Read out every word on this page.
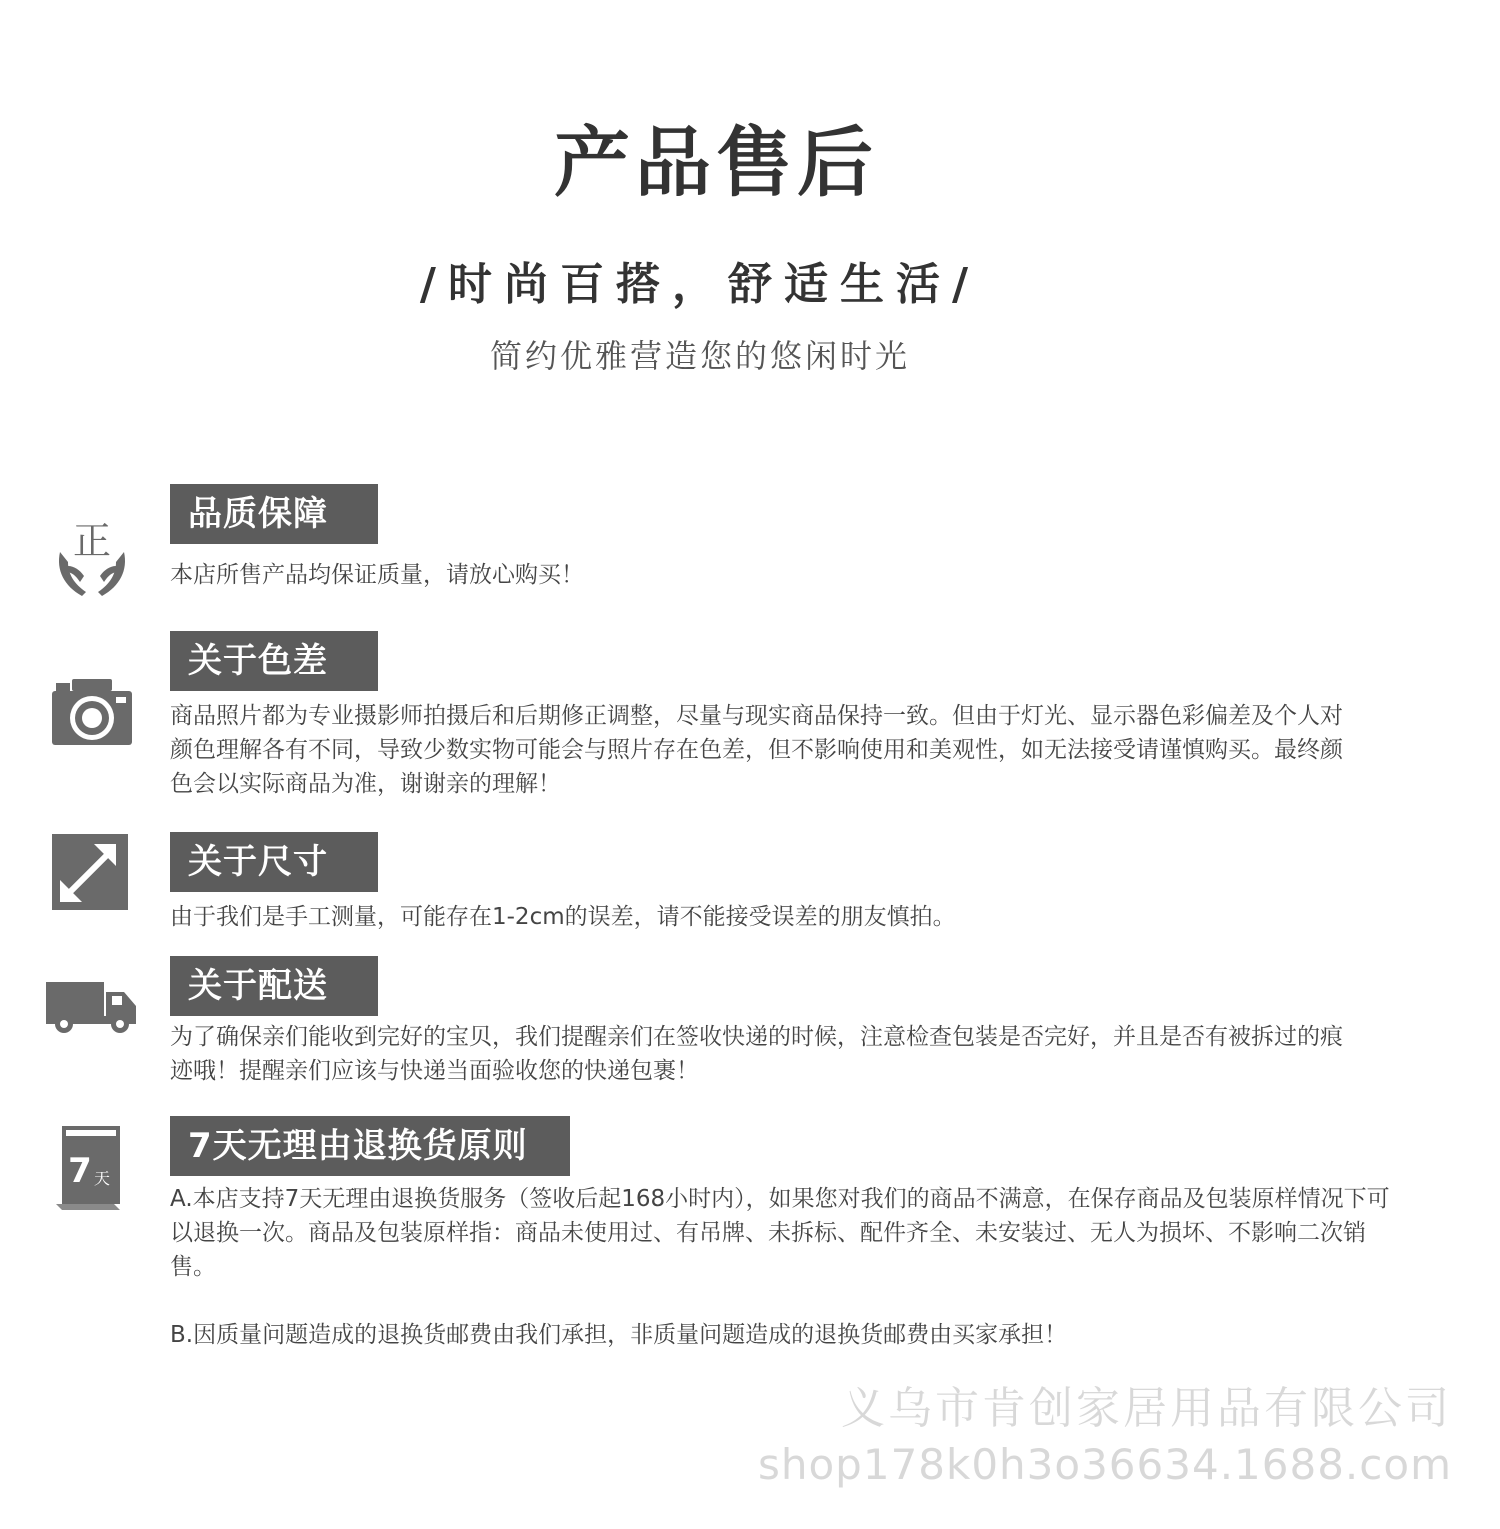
产品售后
/时尚百搭，舒适生活/
简约优雅营造您的悠闲时光
正
品质保障

本店所售产品均保证质量，请放心购买！

关于色差

商品照片都为专业摄影师拍摄后和后期修正调整，尽量与现实商品保持一致。但由于灯光、显示器色彩偏差及个人对颜色理解各有不同，导致少数实物可能会与照片存在色差，但不影响使用和美观性，如无法接受请谨慎购买。最终颜色会以实际商品为准，谢谢亲的理解！

关于尺寸

由于我们是手工测量，可能存在1-2cm的误差，请不能接受误差的朋友慎拍。

关于配送

为了确保亲们能收到完好的宝贝，我们提醒亲们在签收快递的时候，注意检查包装是否完好，并且是否有被拆过的痕迹哦！提醒亲们应该与快递当面验收您的快递包裹！

7 天
7天无理由退换货原则

A.本店支持7天无理由退换货服务（签收后起168小时内），如果您对我们的商品不满意，在保存商品及包装原样情况下可以退换一次。商品及包装原样指：商品未使用过、有吊牌、未拆标、配件齐全、未安装过、无人为损坏、不影响二次销售。

B.因质量问题造成的退换货邮费由我们承担，非质量问题造成的退换货邮费由买家承担！

义乌市肯创家居用品有限公司
shop178k0h3o36634.1688.com
